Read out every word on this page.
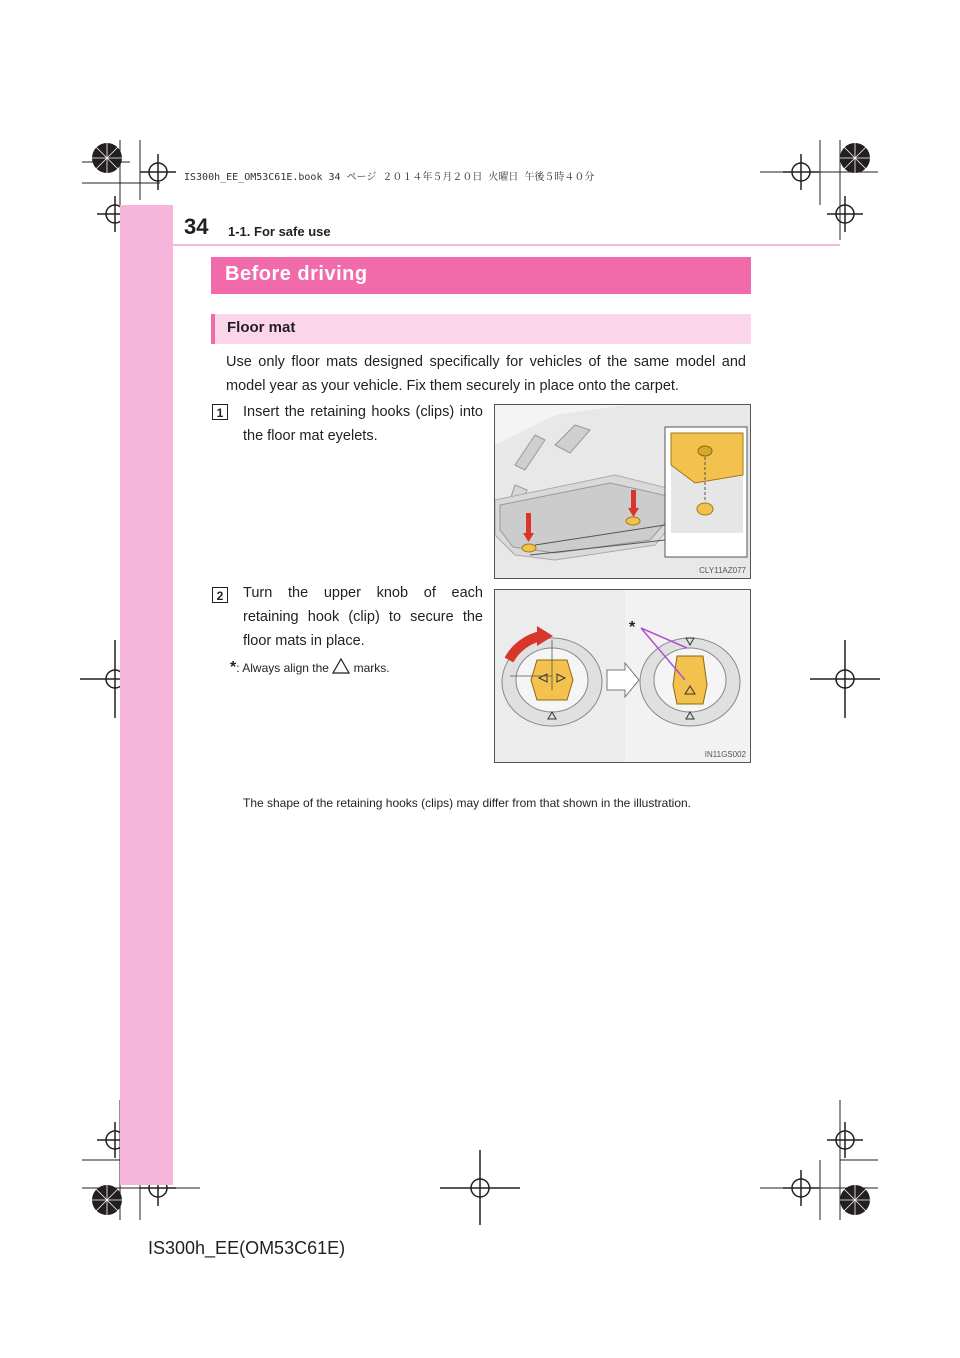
IS300h_EE_OM53C61E.book 34 ページ ２０１４年５月２０日 火曜日 午後５時４０分
34 1-1. For safe use
Before driving
Floor mat
Use only floor mats designed specifically for vehicles of the same model and model year as your vehicle. Fix them securely in place onto the carpet.
1	Insert the retaining hooks (clips) into the floor mat eyelets.
CLY11AZ077
2	Turn the upper knob of each retaining hook (clip) to secure the floor mats in place.
*: Always align the marks.
*
IN11GS002
The shape of the retaining hooks (clips) may differ from that shown in the illustration.
IS300h_EE(OM53C61E)
